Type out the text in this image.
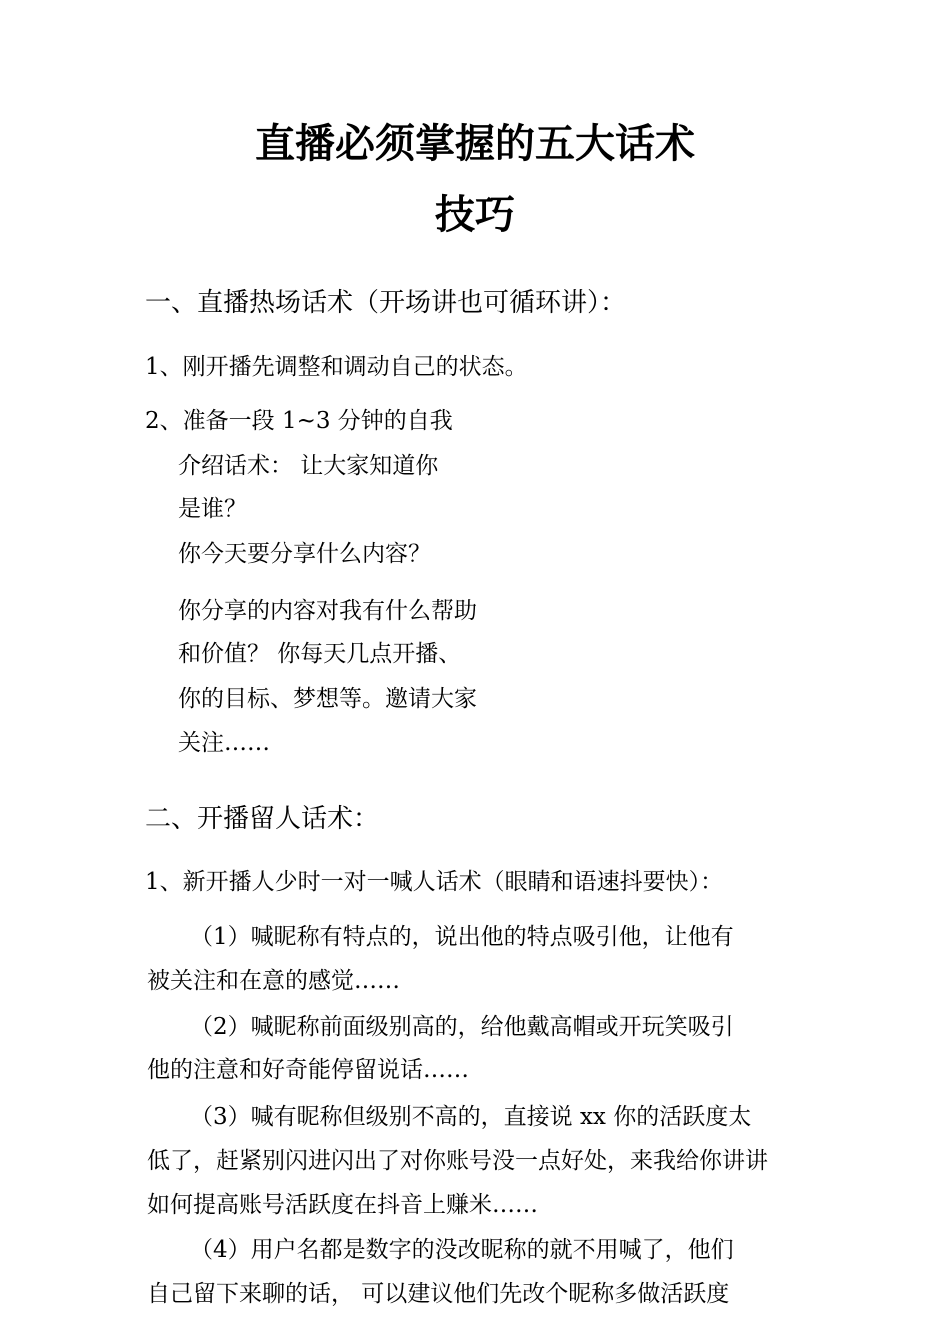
直播必须掌握的五大话术
技巧
一、直播热场话术（开场讲也可循环讲）：
1、刚开播先调整和调动自己的状态。
2、准备一段 1~3 分钟的自我
介绍话术： 让大家知道你
是谁？
你今天要分享什么内容？
你分享的内容对我有什么帮助
和价值？ 你每天几点开播、
你的目标、梦想等。邀请大家
关注……
二、开播留人话术：
1、新开播人少时一对一喊人话术（眼睛和语速抖要快）：
（1）喊昵称有特点的，说出他的特点吸引他，让他有
被关注和在意的感觉……
（2）喊昵称前面级别高的，给他戴高帽或开玩笑吸引
他的注意和好奇能停留说话……
（3）喊有昵称但级别不高的，直接说 xx 你的活跃度太
低了，赶紧别闪进闪出了对你账号没一点好处，来我给你讲讲
如何提高账号活跃度在抖音上赚米……
（4）用户名都是数字的没改昵称的就不用喊了，他们
自己留下来聊的话， 可以建议他们先改个昵称多做活跃度
